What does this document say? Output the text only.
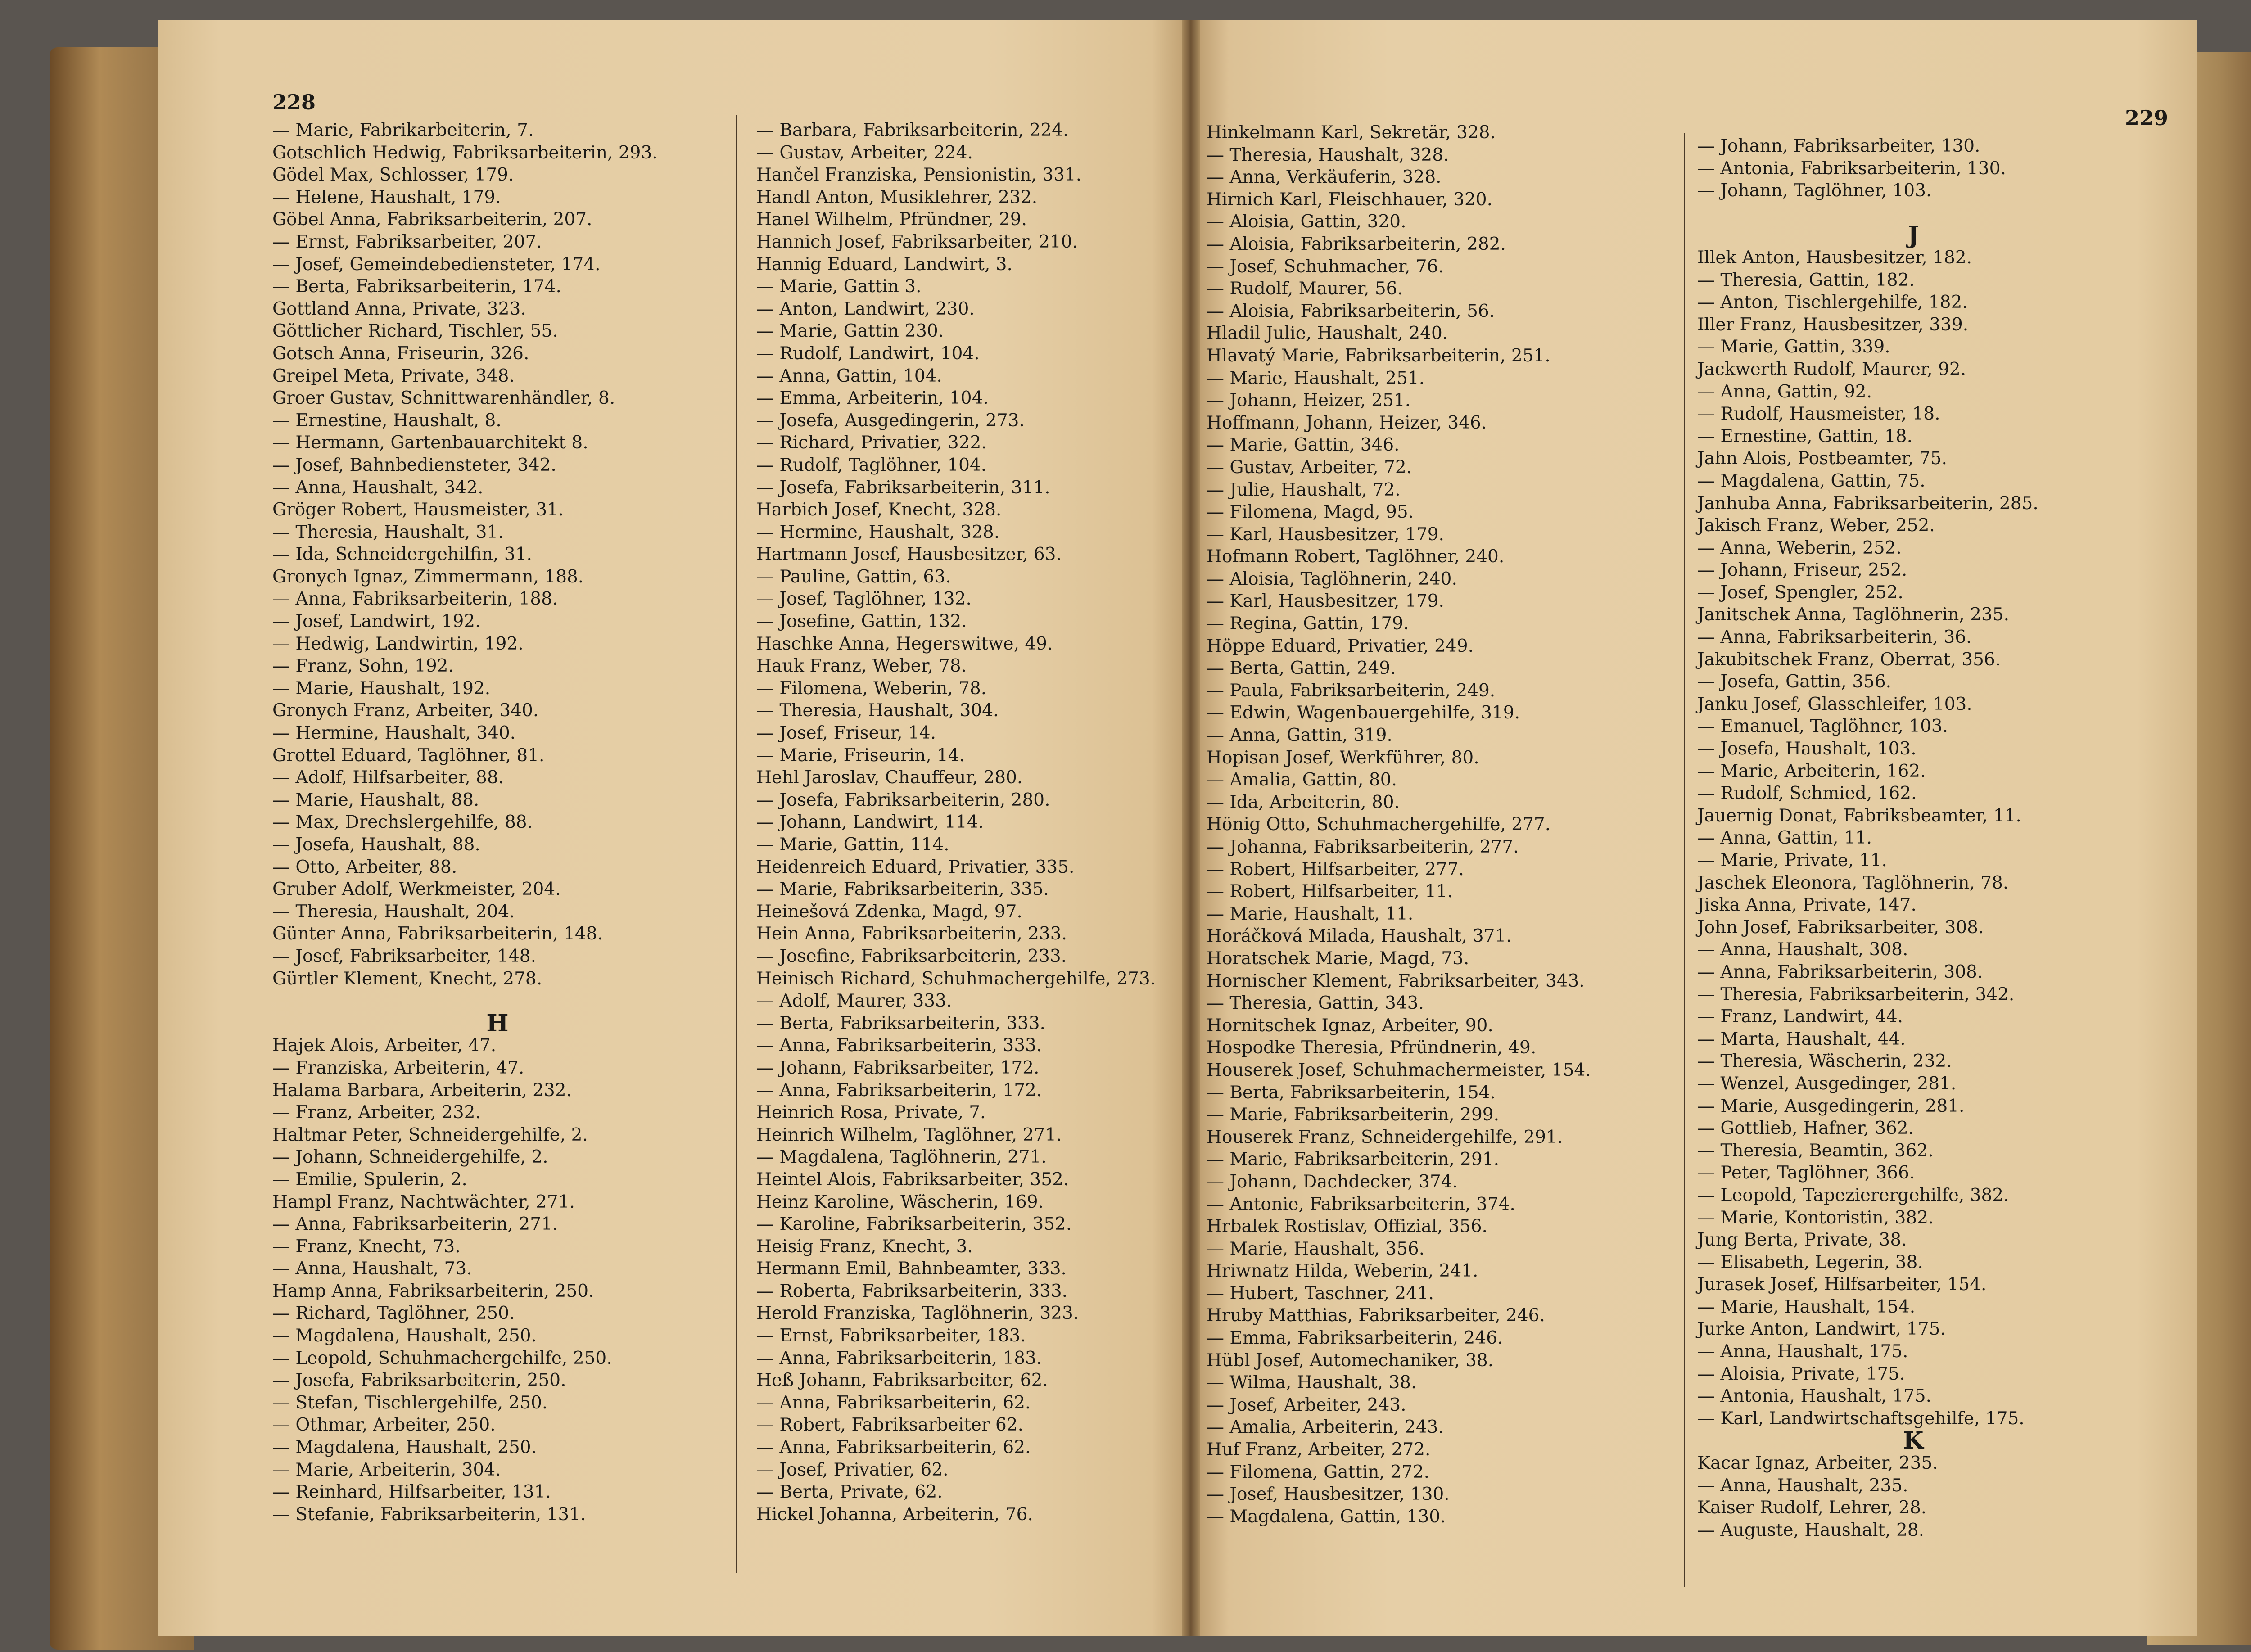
228
229
— Marie, Fabrikarbeiterin, 7.
Gotschlich Hedwig, Fabriksarbeiterin, 293.
Gödel Max, Schlosser, 179.
— Helene, Haushalt, 179.
Göbel Anna, Fabriksarbeiterin, 207.
— Ernst, Fabriksarbeiter, 207.
— Josef, Gemeindebediensteter, 174.
— Berta, Fabriksarbeiterin, 174.
Gottland Anna, Private, 323.
Göttlicher Richard, Tischler, 55.
Gotsch Anna, Friseurin, 326.
Greipel Meta, Private, 348.
Groer Gustav, Schnittwarenhändler, 8.
— Ernestine, Haushalt, 8.
— Hermann, Gartenbauarchitekt 8.
— Josef, Bahnbediensteter, 342.
— Anna, Haushalt, 342.
Gröger Robert, Hausmeister, 31.
— Theresia, Haushalt, 31.
— Ida, Schneidergehilfin, 31.
Gronych Ignaz, Zimmermann, 188.
— Anna, Fabriksarbeiterin, 188.
— Josef, Landwirt, 192.
— Hedwig, Landwirtin, 192.
— Franz, Sohn, 192.
— Marie, Haushalt, 192.
Gronych Franz, Arbeiter, 340.
— Hermine, Haushalt, 340.
Grottel Eduard, Taglöhner, 81.
— Adolf, Hilfsarbeiter, 88.
— Marie, Haushalt, 88.
— Max, Drechslergehilfe, 88.
— Josefa, Haushalt, 88.
— Otto, Arbeiter, 88.
Gruber Adolf, Werkmeister, 204.
— Theresia, Haushalt, 204.
Günter Anna, Fabriksarbeiterin, 148.
— Josef, Fabriksarbeiter, 148.
Gürtler Klement, Knecht, 278.
H
Hajek Alois, Arbeiter, 47.
— Franziska, Arbeiterin, 47.
Halama Barbara, Arbeiterin, 232.
— Franz, Arbeiter, 232.
Haltmar Peter, Schneidergehilfe, 2.
— Johann, Schneidergehilfe, 2.
— Emilie, Spulerin, 2.
Hampl Franz, Nachtwächter, 271.
— Anna, Fabriksarbeiterin, 271.
— Franz, Knecht, 73.
— Anna, Haushalt, 73.
Hamp Anna, Fabriksarbeiterin, 250.
— Richard, Taglöhner, 250.
— Magdalena, Haushalt, 250.
— Leopold, Schuhmachergehilfe, 250.
— Josefa, Fabriksarbeiterin, 250.
— Stefan, Tischlergehilfe, 250.
— Othmar, Arbeiter, 250.
— Magdalena, Haushalt, 250.
— Marie, Arbeiterin, 304.
— Reinhard, Hilfsarbeiter, 131.
— Stefanie, Fabriksarbeiterin, 131.
— Barbara, Fabriksarbeiterin, 224.
— Gustav, Arbeiter, 224.
Hančel Franziska, Pensionistin, 331.
Handl Anton, Musiklehrer, 232.
Hanel Wilhelm, Pfründner, 29.
Hannich Josef, Fabriksarbeiter, 210.
Hannig Eduard, Landwirt, 3.
— Marie, Gattin 3.
— Anton, Landwirt, 230.
— Marie, Gattin 230.
— Rudolf, Landwirt, 104.
— Anna, Gattin, 104.
— Emma, Arbeiterin, 104.
— Josefa, Ausgedingerin, 273.
— Richard, Privatier, 322.
— Rudolf, Taglöhner, 104.
— Josefa, Fabriksarbeiterin, 311.
Harbich Josef, Knecht, 328.
— Hermine, Haushalt, 328.
Hartmann Josef, Hausbesitzer, 63.
— Pauline, Gattin, 63.
— Josef, Taglöhner, 132.
— Josefine, Gattin, 132.
Haschke Anna, Hegerswitwe, 49.
Hauk Franz, Weber, 78.
— Filomena, Weberin, 78.
— Theresia, Haushalt, 304.
— Josef, Friseur, 14.
— Marie, Friseurin, 14.
Hehl Jaroslav, Chauffeur, 280.
— Josefa, Fabriksarbeiterin, 280.
— Johann, Landwirt, 114.
— Marie, Gattin, 114.
Heidenreich Eduard, Privatier, 335.
— Marie, Fabriksarbeiterin, 335.
Heinešová Zdenka, Magd, 97.
Hein Anna, Fabriksarbeiterin, 233.
— Josefine, Fabriksarbeiterin, 233.
Heinisch Richard, Schuhmachergehilfe, 273.
— Adolf, Maurer, 333.
— Berta, Fabriksarbeiterin, 333.
— Anna, Fabriksarbeiterin, 333.
— Johann, Fabriksarbeiter, 172.
— Anna, Fabriksarbeiterin, 172.
Heinrich Rosa, Private, 7.
Heinrich Wilhelm, Taglöhner, 271.
— Magdalena, Taglöhnerin, 271.
Heintel Alois, Fabriksarbeiter, 352.
Heinz Karoline, Wäscherin, 169.
— Karoline, Fabriksarbeiterin, 352.
Heisig Franz, Knecht, 3.
Hermann Emil, Bahnbeamter, 333.
— Roberta, Fabriksarbeiterin, 333.
Herold Franziska, Taglöhnerin, 323.
— Ernst, Fabriksarbeiter, 183.
— Anna, Fabriksarbeiterin, 183.
Heß Johann, Fabriksarbeiter, 62.
— Anna, Fabriksarbeiterin, 62.
— Robert, Fabriksarbeiter 62.
— Anna, Fabriksarbeiterin, 62.
— Josef, Privatier, 62.
— Berta, Private, 62.
Hickel Johanna, Arbeiterin, 76.
Hinkelmann Karl, Sekretär, 328.
— Theresia, Haushalt, 328.
— Anna, Verkäuferin, 328.
Hirnich Karl, Fleischhauer, 320.
— Aloisia, Gattin, 320.
— Aloisia, Fabriksarbeiterin, 282.
— Josef, Schuhmacher, 76.
— Rudolf, Maurer, 56.
— Aloisia, Fabriksarbeiterin, 56.
Hladil Julie, Haushalt, 240.
Hlavatý Marie, Fabriksarbeiterin, 251.
— Marie, Haushalt, 251.
— Johann, Heizer, 251.
Hoffmann, Johann, Heizer, 346.
— Marie, Gattin, 346.
— Gustav, Arbeiter, 72.
— Julie, Haushalt, 72.
— Filomena, Magd, 95.
— Karl, Hausbesitzer, 179.
Hofmann Robert, Taglöhner, 240.
— Aloisia, Taglöhnerin, 240.
— Karl, Hausbesitzer, 179.
— Regina, Gattin, 179.
Höppe Eduard, Privatier, 249.
— Berta, Gattin, 249.
— Paula, Fabriksarbeiterin, 249.
— Edwin, Wagenbauergehilfe, 319.
— Anna, Gattin, 319.
Hopisan Josef, Werkführer, 80.
— Amalia, Gattin, 80.
— Ida, Arbeiterin, 80.
Hönig Otto, Schuhmachergehilfe, 277.
— Johanna, Fabriksarbeiterin, 277.
— Robert, Hilfsarbeiter, 277.
— Robert, Hilfsarbeiter, 11.
— Marie, Haushalt, 11.
Horáčková Milada, Haushalt, 371.
Horatschek Marie, Magd, 73.
Hornischer Klement, Fabriksarbeiter, 343.
— Theresia, Gattin, 343.
Hornitschek Ignaz, Arbeiter, 90.
Hospodke Theresia, Pfründnerin, 49.
Houserek Josef, Schuhmachermeister, 154.
— Berta, Fabriksarbeiterin, 154.
— Marie, Fabriksarbeiterin, 299.
Houserek Franz, Schneidergehilfe, 291.
— Marie, Fabriksarbeiterin, 291.
— Johann, Dachdecker, 374.
— Antonie, Fabriksarbeiterin, 374.
Hrbalek Rostislav, Offizial, 356.
— Marie, Haushalt, 356.
Hriwnatz Hilda, Weberin, 241.
— Hubert, Taschner, 241.
Hruby Matthias, Fabriksarbeiter, 246.
— Emma, Fabriksarbeiterin, 246.
Hübl Josef, Automechaniker, 38.
— Wilma, Haushalt, 38.
— Josef, Arbeiter, 243.
— Amalia, Arbeiterin, 243.
Huf Franz, Arbeiter, 272.
— Filomena, Gattin, 272.
— Josef, Hausbesitzer, 130.
— Magdalena, Gattin, 130.
— Johann, Fabriksarbeiter, 130.
— Antonia, Fabriksarbeiterin, 130.
— Johann, Taglöhner, 103.
J
Illek Anton, Hausbesitzer, 182.
— Theresia, Gattin, 182.
— Anton, Tischlergehilfe, 182.
Iller Franz, Hausbesitzer, 339.
— Marie, Gattin, 339.
Jackwerth Rudolf, Maurer, 92.
— Anna, Gattin, 92.
— Rudolf, Hausmeister, 18.
— Ernestine, Gattin, 18.
Jahn Alois, Postbeamter, 75.
— Magdalena, Gattin, 75.
Janhuba Anna, Fabriksarbeiterin, 285.
Jakisch Franz, Weber, 252.
— Anna, Weberin, 252.
— Johann, Friseur, 252.
— Josef, Spengler, 252.
Janitschek Anna, Taglöhnerin, 235.
— Anna, Fabriksarbeiterin, 36.
Jakubitschek Franz, Oberrat, 356.
— Josefa, Gattin, 356.
Janku Josef, Glasschleifer, 103.
— Emanuel, Taglöhner, 103.
— Josefa, Haushalt, 103.
— Marie, Arbeiterin, 162.
— Rudolf, Schmied, 162.
Jauernig Donat, Fabriksbeamter, 11.
— Anna, Gattin, 11.
— Marie, Private, 11.
Jaschek Eleonora, Taglöhnerin, 78.
Jiska Anna, Private, 147.
John Josef, Fabriksarbeiter, 308.
— Anna, Haushalt, 308.
— Anna, Fabriksarbeiterin, 308.
— Theresia, Fabriksarbeiterin, 342.
— Franz, Landwirt, 44.
— Marta, Haushalt, 44.
— Theresia, Wäscherin, 232.
— Wenzel, Ausgedinger, 281.
— Marie, Ausgedingerin, 281.
— Gottlieb, Hafner, 362.
— Theresia, Beamtin, 362.
— Peter, Taglöhner, 366.
— Leopold, Tapezierergehilfe, 382.
— Marie, Kontoristin, 382.
Jung Berta, Private, 38.
— Elisabeth, Legerin, 38.
Jurasek Josef, Hilfsarbeiter, 154.
— Marie, Haushalt, 154.
Jurke Anton, Landwirt, 175.
— Anna, Haushalt, 175.
— Aloisia, Private, 175.
— Antonia, Haushalt, 175.
— Karl, Landwirtschaftsgehilfe, 175.
K
Kacar Ignaz, Arbeiter, 235.
— Anna, Haushalt, 235.
Kaiser Rudolf, Lehrer, 28.
— Auguste, Haushalt, 28.
